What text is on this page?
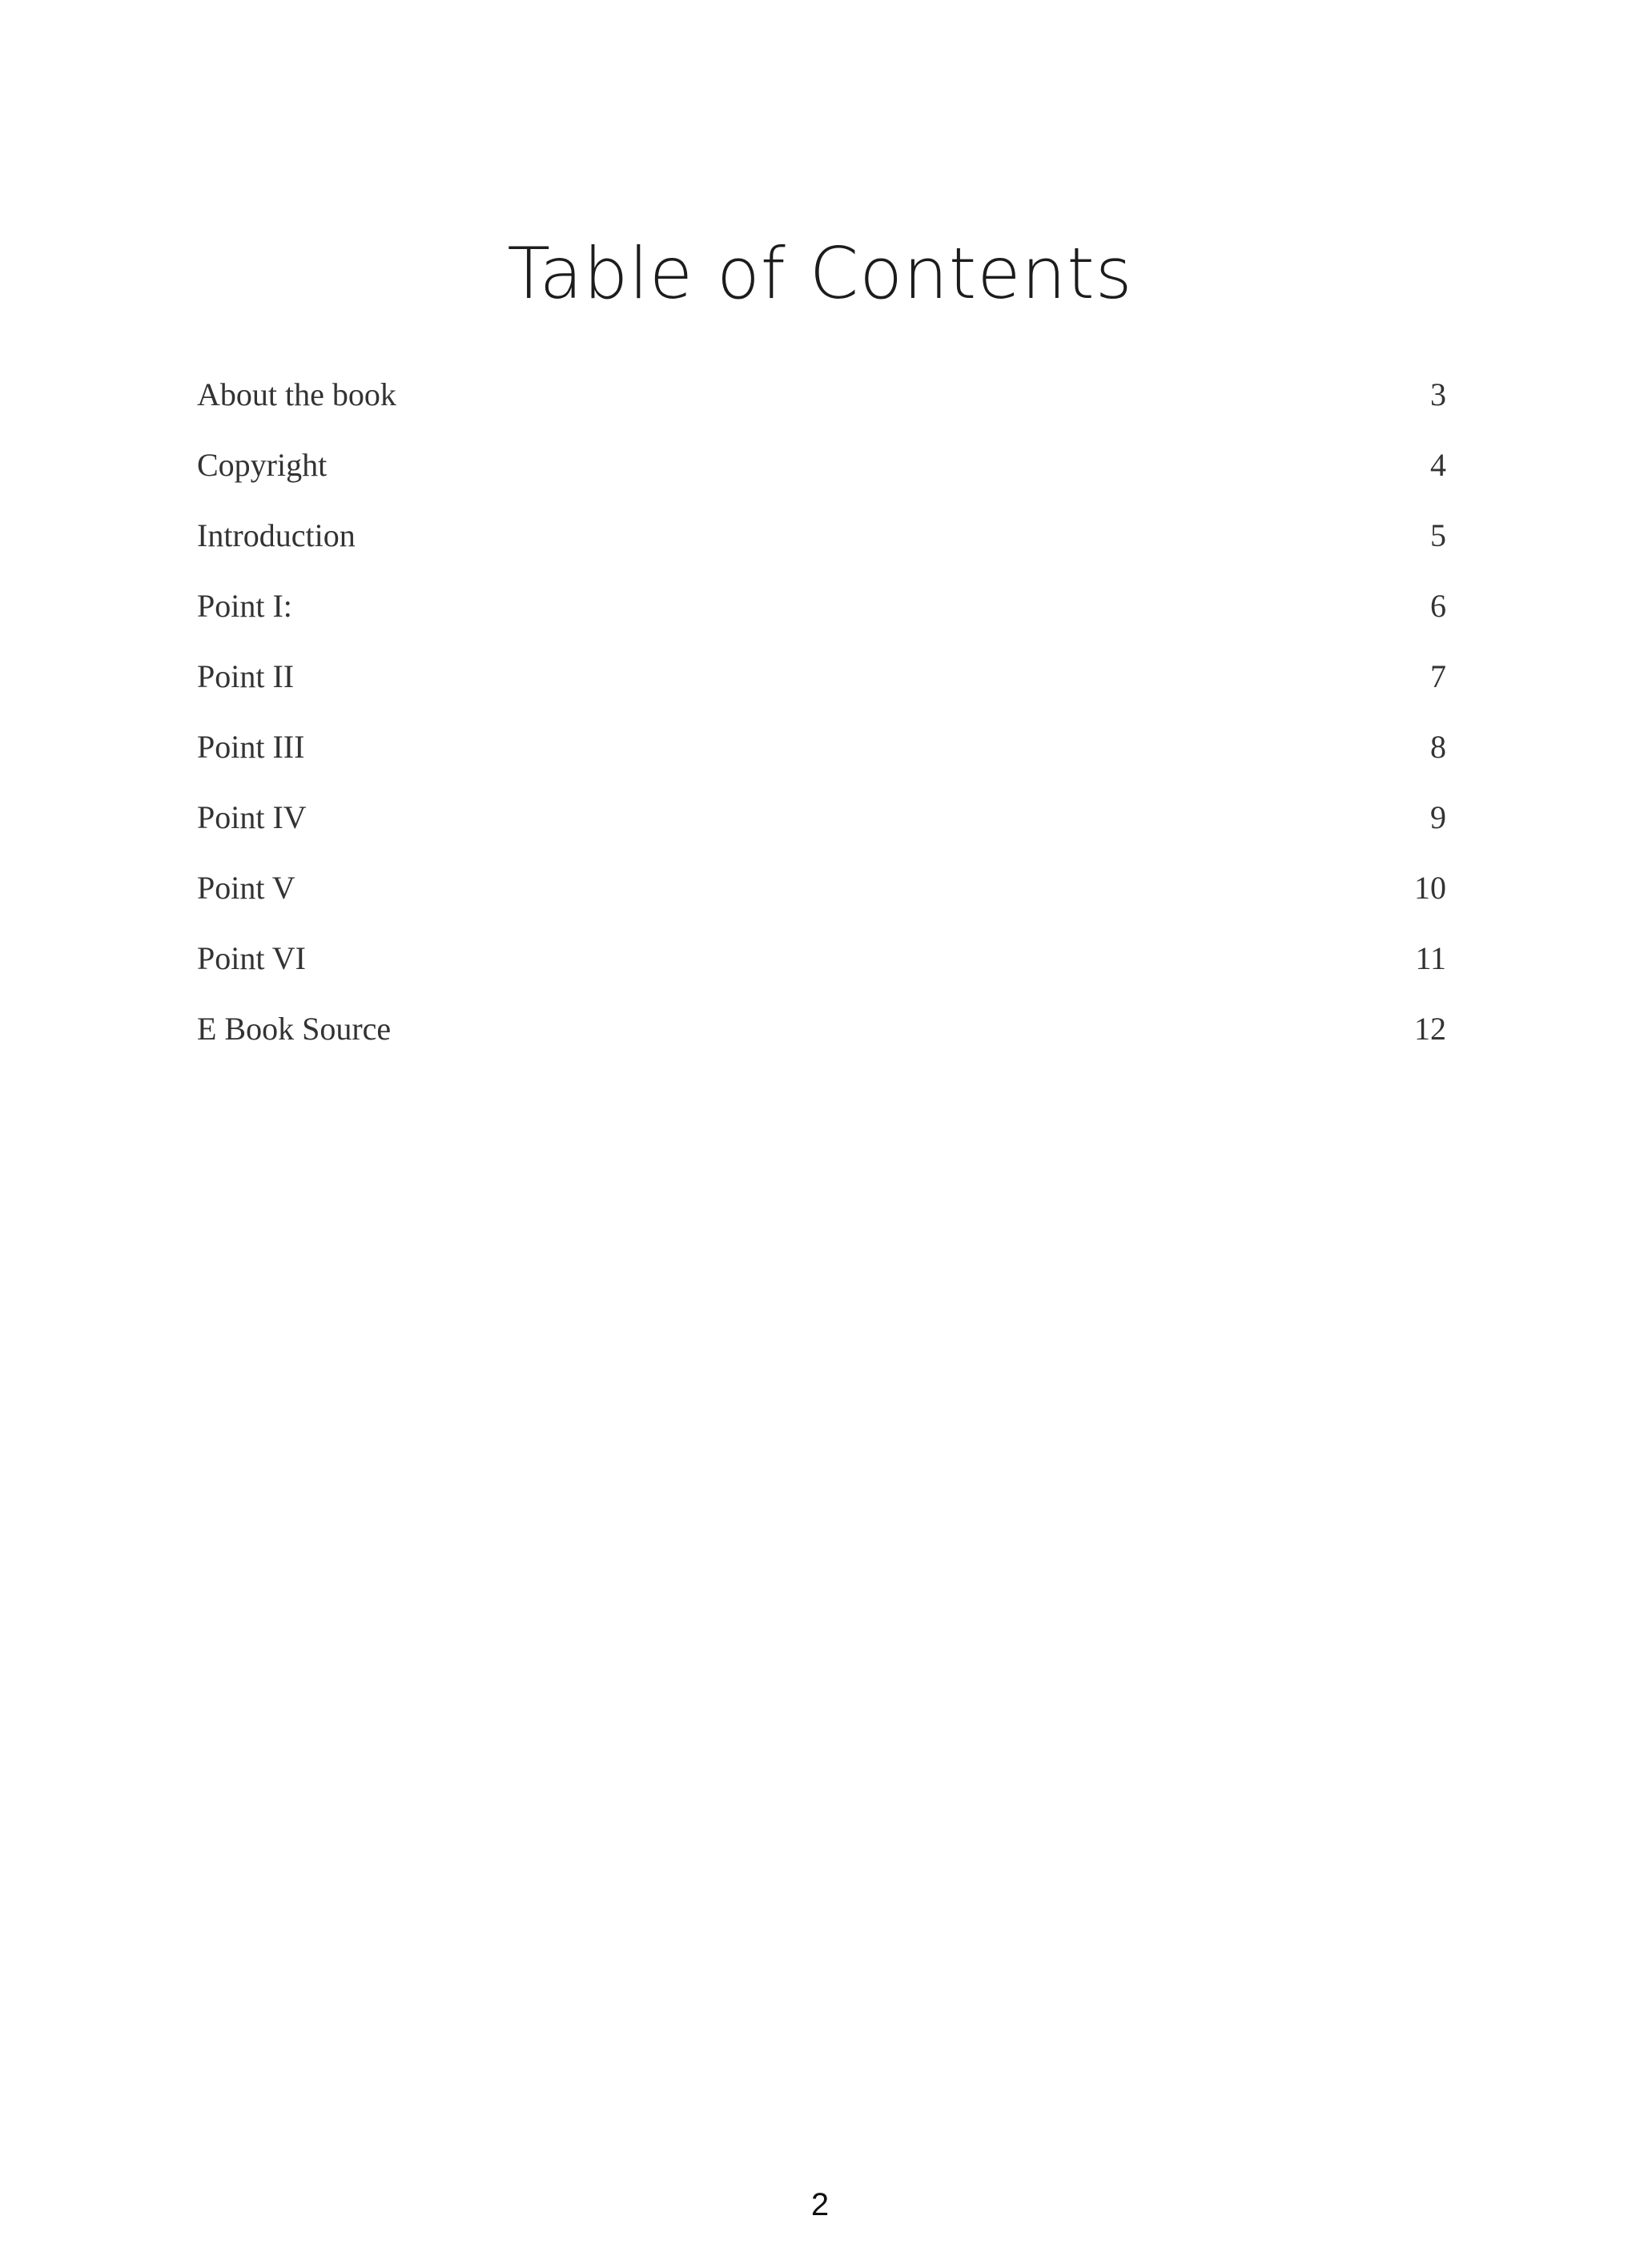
Table of Contents
About the book	3
Copyright	4
Introduction	5
Point I:	6
Point II	7
Point III	8
Point IV	9
Point V	10
Point VI	11
E Book Source	12
2
